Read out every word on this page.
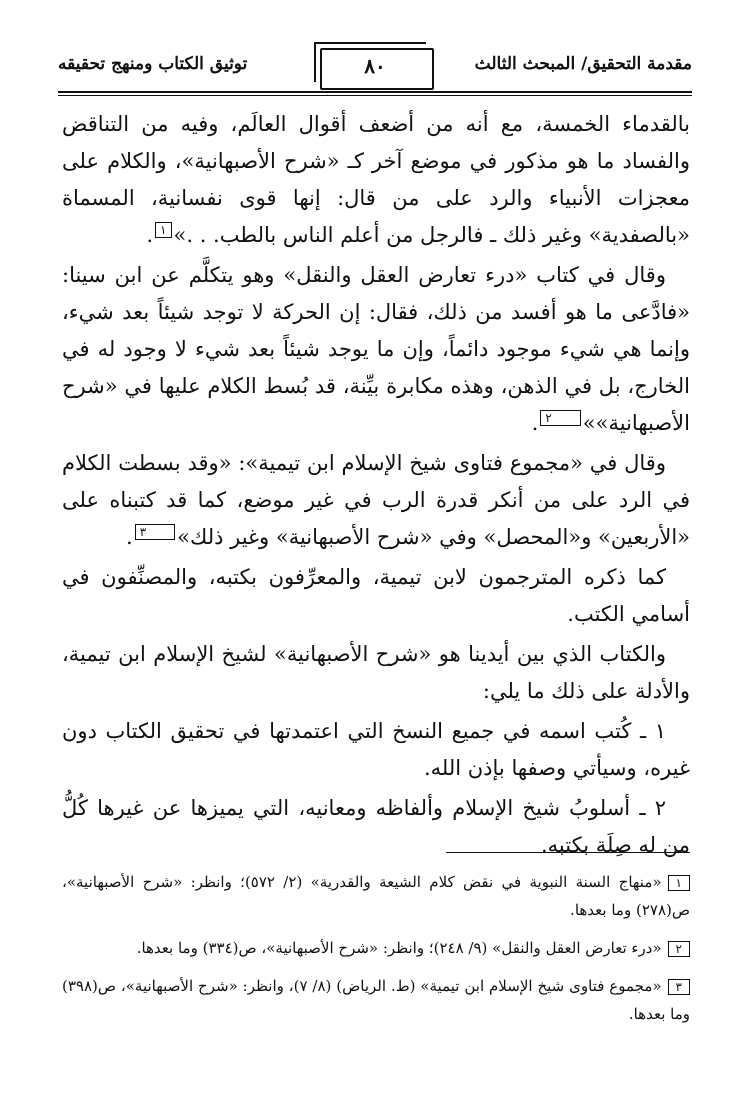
مقدمة التحقيق/ المبحث الثالث
٨٠
توثيق الكتاب ومنهج تحقيقه

بالقدماء الخمسة، مع أنه من أضعف أقوال العالَم، وفيه من التناقض والفساد ما هو مذكور في موضع آخر كـ «شرح الأصبهانية»، والكلام على معجزات الأنبياء والرد على من قال: إنها قوى نفسانية، المسماة «بالصفدية» وغير ذلك ـ فالرجل من أعلم الناس بالطب. . .»١.

وقال في كتاب «درء تعارض العقل والنقل» وهو يتكلَّم عن ابن سينا: «فادَّعى ما هو أفسد من ذلك، فقال: إن الحركة لا توجد شيئاً بعد شيء، وإنما هي شيء موجود دائماً، وإن ما يوجد شيئاً بعد شيء لا وجود له في الخارج، بل في الذهن، وهذه مكابرة بيِّنة، قد بُسط الكلام عليها في «شرح الأصبهانية»»٢.

وقال في «مجموع فتاوى شيخ الإسلام ابن تيمية»: «وقد بسطت الكلام في الرد على من أنكر قدرة الرب في غير موضع، كما قد كتبناه على «الأربعين» و«المحصل» وفي «شرح الأصبهانية» وغير ذلك»٣.

كما ذكره المترجمون لابن تيمية، والمعرِّفون بكتبه، والمصنِّفون في أسامي الكتب.

والكتاب الذي بين أيدينا هو «شرح الأصبهانية» لشيخ الإسلام ابن تيمية، والأدلة على ذلك ما يلي:

١ ـ كُتب اسمه في جميع النسخ التي اعتمدتها في تحقيق الكتاب دون غيره، وسيأتي وصفها بإذن الله.

٢ ـ أسلوبُ شيخ الإسلام وألفاظه ومعانيه، التي يميزها عن غيرها كُلُّ من له صِلَة بكتبه.

١«منهاج السنة النبوية في نقض كلام الشيعة والقدرية» (٢/ ٥٧٢)؛ وانظر: «شرح الأصبهانية»، ص(٢٧٨) وما بعدها.

٢«درء تعارض العقل والنقل» (٩/ ٢٤٨)؛ وانظر: «شرح الأصبهانية»، ص(٣٣٤) وما بعدها.

٣«مجموع فتاوى شيخ الإسلام ابن تيمية» (ط. الرياض) (٨/ ٧)، وانظر: «شرح الأصبهانية»، ص(٣٩٨) وما بعدها.
